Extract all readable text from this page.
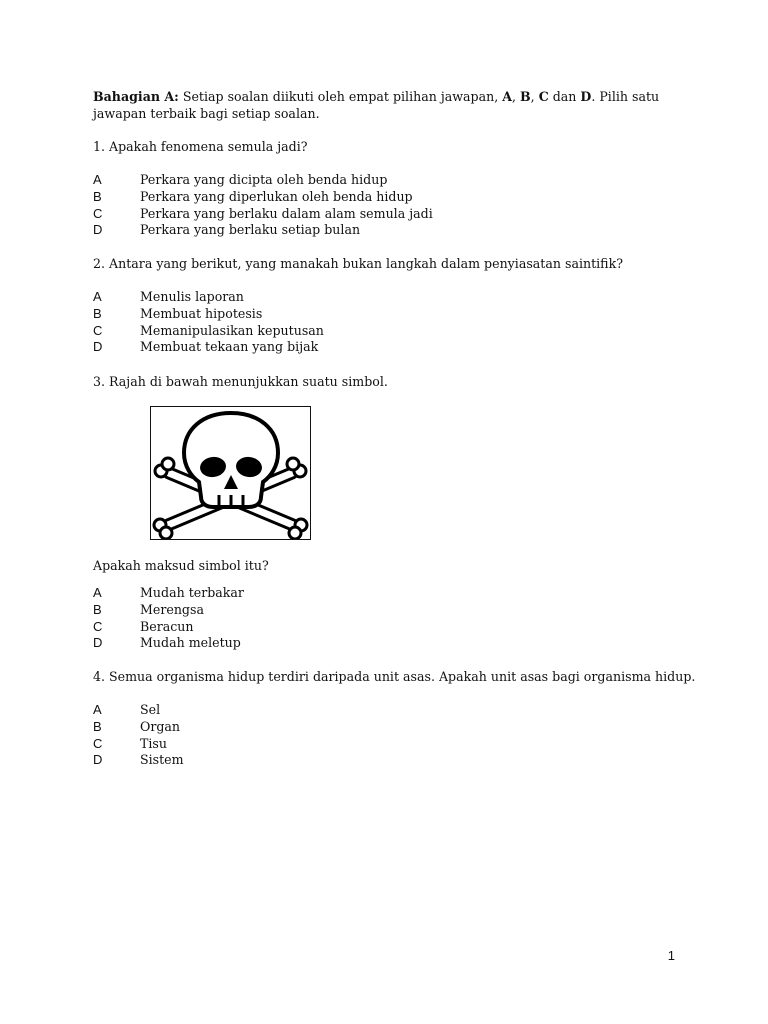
Bahagian A: Setiap soalan diikuti oleh empat pilihan jawapan, A, B, C dan D. Pilih satu
jawapan terbaik bagi setiap soalan.
1. Apakah fenomena semula jadi?
A	Perkara yang dicipta oleh benda hidup
B	Perkara yang diperlukan oleh benda hidup
C	Perkara yang berlaku dalam alam semula jadi
D	Perkara yang berlaku setiap bulan
2. Antara yang berikut, yang manakah bukan langkah dalam penyiasatan saintifik?
A	Menulis laporan
B	Membuat hipotesis
C	Memanipulasikan keputusan
D	Membuat tekaan yang bijak
3. Rajah di bawah menunjukkan suatu simbol.
Apakah maksud simbol itu?
A	Mudah terbakar
B	Merengsa
C	Beracun
D	Mudah meletup
4. Semua organisma hidup terdiri daripada unit asas. Apakah unit asas bagi organisma hidup.
A	Sel
B	Organ
C	Tisu
D	Sistem
1
